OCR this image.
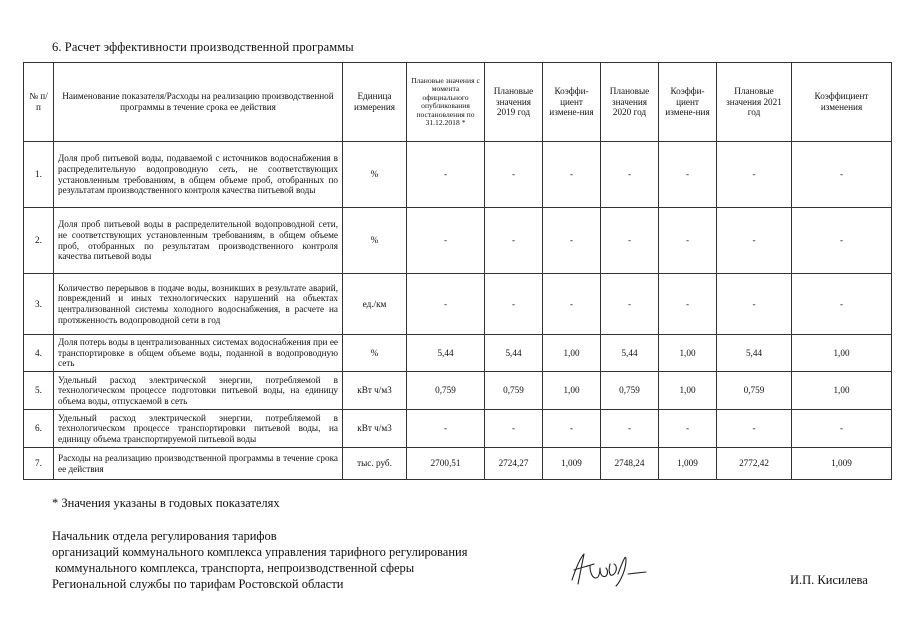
6. Расчет эффективности производственной программы
№ п/п	Наименование показателя/Расходы на реализацию производственной программы в течение срока ее действия	Единица измерения	Плановые значения с момента официального опубликования постановления по 31.12.2018 *	Плановые значения 2019 год	Коэффи-циент измене-ния	Плановые значения 2020 год	Коэффи-циент измене-ния	Плановые значения 2021 год	Коэффициент изменения
1.	Доля проб питьевой воды, подаваемой с источников водоснабжения в распределительную водопроводную сеть, не соответствующих установленным требованиям, в общем объеме проб, отобранных по результатам производственного контроля качества питьевой воды	%	-	-	-	-	-	-	-
2.	Доля проб питьевой воды в распределительной водопроводной сети, не соответствующих установленным требованиям, в общем объеме проб, отобранных по результатам производственного контроля качества питьевой воды	%	-	-	-	-	-	-	-
3.	Количество перерывов в подаче воды, возникших в результате аварий, повреждений и иных технологических нарушений на объектах централизованной системы холодного водоснабжения, в расчете на протяженность водопроводной сети в год	ед./км	-	-	-	-	-	-	-
4.	Доля потерь воды в централизованных системах водоснабжения при ее транспортировке в общем объеме воды, поданной в водопроводную сеть	%	5,44	5,44	1,00	5,44	1,00	5,44	1,00
5.	Удельный расход электрической энергии, потребляемой в технологическом процессе подготовки питьевой воды, на единицу объема воды, отпускаемой в сеть	кВт ч/м3	0,759	0,759	1,00	0,759	1,00	0,759	1,00
6.	Удельный расход электрической энергии, потребляемой в технологическом процессе транспортировки питьевой воды, на единицу объема транспортируемой питьевой воды	кВт ч/м3	-	-	-	-	-	-	-
7.	Расходы на реализацию производственной программы в течение срока ее действия	тыс. руб.	2700,51	2724,27	1,009	2748,24	1,009	2772,42	1,009
* Значения указаны в годовых показателях
Начальник отдела регулирования тарифов
организаций коммунального комплекса управления тарифного регулирования
коммунального комплекса, транспорта, непроизводственной сферы
Региональной службы по тарифам Ростовской области	И.П. Кисилева
